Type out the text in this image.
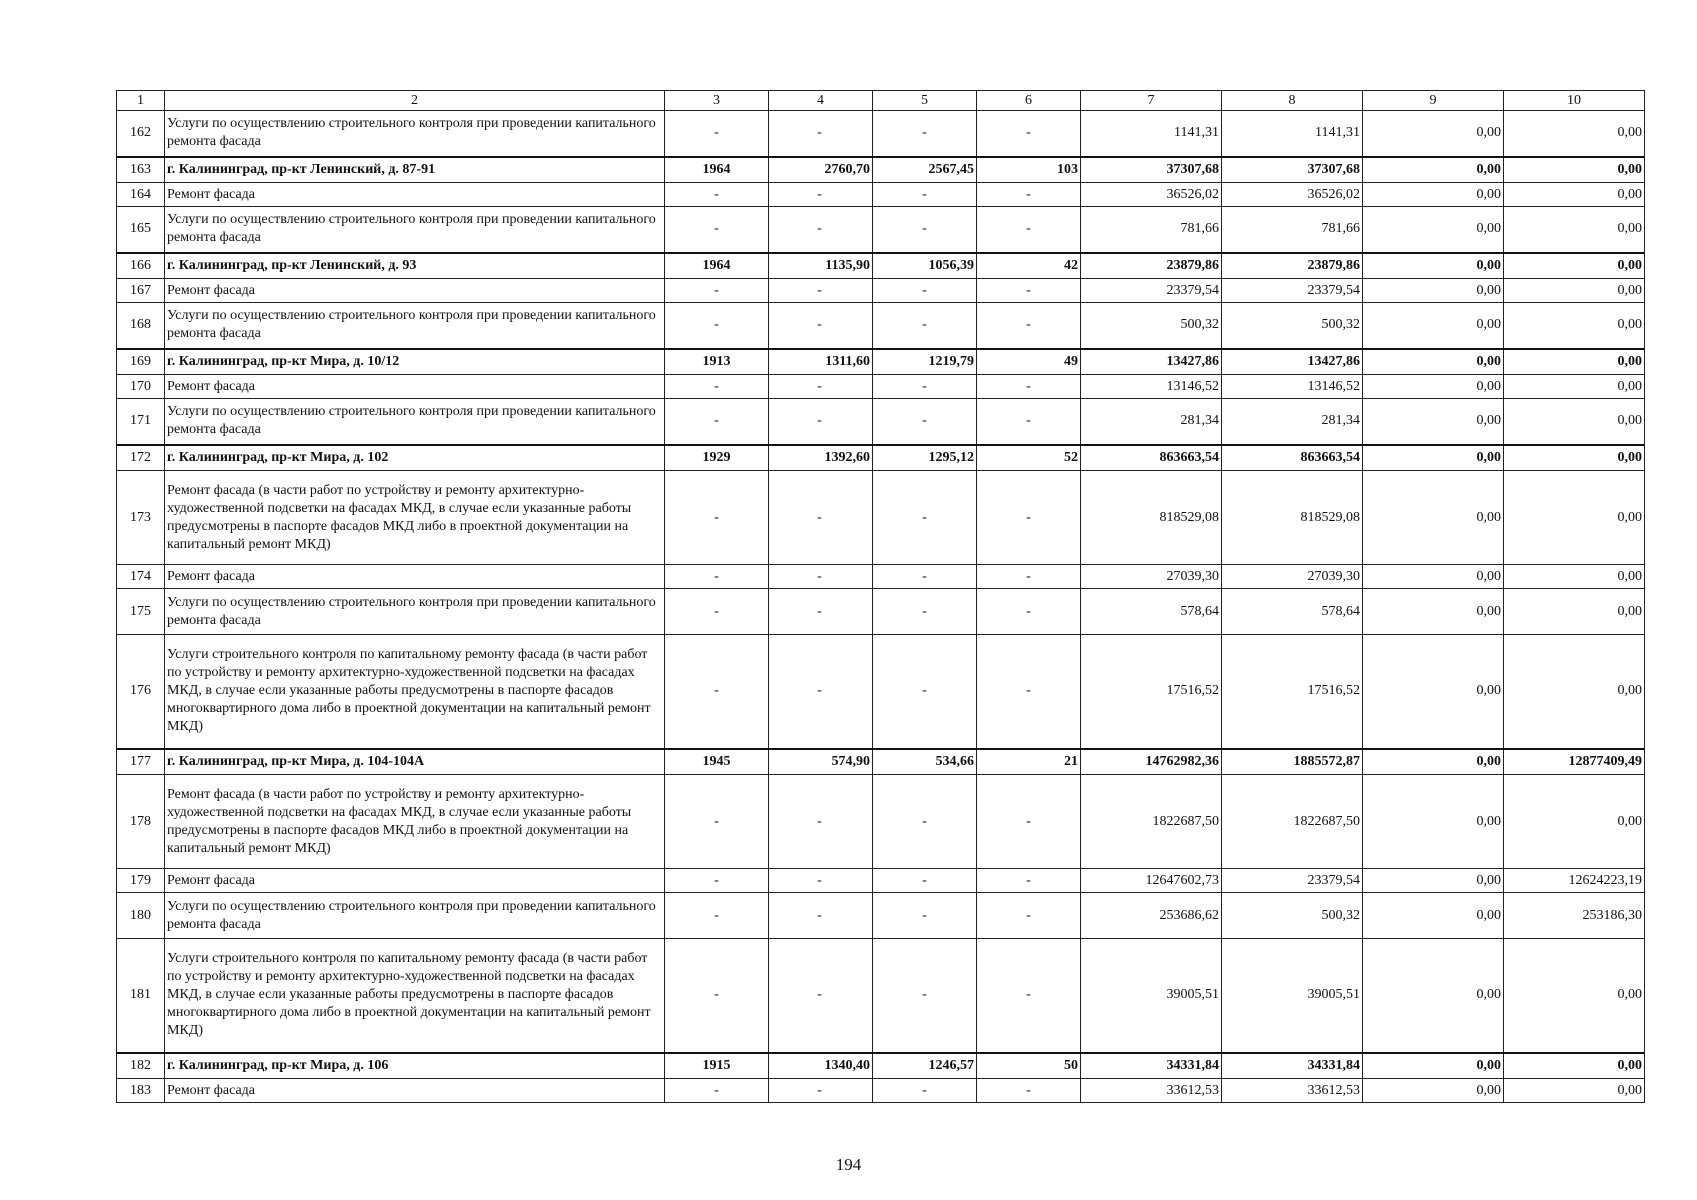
1	2	3	4	5	6	7	8	9	10
162	Услуги по осуществлению строительного контроля при проведении капитального ремонта фасада	-	-	-	-	1141,31	1141,31	0,00	0,00
163	г. Калининград, пр-кт Ленинский, д. 87-91	1964	2760,70	2567,45	103	37307,68	37307,68	0,00	0,00
164	Ремонт фасада	-	-	-	-	36526,02	36526,02	0,00	0,00
165	Услуги по осуществлению строительного контроля при проведении капитального ремонта фасада	-	-	-	-	781,66	781,66	0,00	0,00
166	г. Калининград, пр-кт Ленинский, д. 93	1964	1135,90	1056,39	42	23879,86	23879,86	0,00	0,00
167	Ремонт фасада	-	-	-	-	23379,54	23379,54	0,00	0,00
168	Услуги по осуществлению строительного контроля при проведении капитального ремонта фасада	-	-	-	-	500,32	500,32	0,00	0,00
169	г. Калининград, пр-кт Мира, д. 10/12	1913	1311,60	1219,79	49	13427,86	13427,86	0,00	0,00
170	Ремонт фасада	-	-	-	-	13146,52	13146,52	0,00	0,00
171	Услуги по осуществлению строительного контроля при проведении капитального ремонта фасада	-	-	-	-	281,34	281,34	0,00	0,00
172	г. Калининград, пр-кт Мира, д. 102	1929	1392,60	1295,12	52	863663,54	863663,54	0,00	0,00
173	Ремонт фасада (в части работ по устройству и ремонту архитектурно-художественной подсветки на фасадах МКД, в случае если указанные работы предусмотрены в паспорте фасадов МКД либо в проектной документации на капитальный ремонт МКД)	-	-	-	-	818529,08	818529,08	0,00	0,00
174	Ремонт фасада	-	-	-	-	27039,30	27039,30	0,00	0,00
175	Услуги по осуществлению строительного контроля при проведении капитального ремонта фасада	-	-	-	-	578,64	578,64	0,00	0,00
176	Услуги строительного контроля по капитальному ремонту фасада (в части работ по устройству и ремонту архитектурно-художественной подсветки на фасадах МКД, в случае если указанные работы предусмотрены в паспорте фасадов многоквартирного дома либо в проектной документации на капитальный ремонт МКД)	-	-	-	-	17516,52	17516,52	0,00	0,00
177	г. Калининград, пр-кт Мира, д. 104-104А	1945	574,90	534,66	21	14762982,36	1885572,87	0,00	12877409,49
178	Ремонт фасада (в части работ по устройству и ремонту архитектурно-художественной подсветки на фасадах МКД, в случае если указанные работы предусмотрены в паспорте фасадов МКД либо в проектной документации на капитальный ремонт МКД)	-	-	-	-	1822687,50	1822687,50	0,00	0,00
179	Ремонт фасада	-	-	-	-	12647602,73	23379,54	0,00	12624223,19
180	Услуги по осуществлению строительного контроля при проведении капитального ремонта фасада	-	-	-	-	253686,62	500,32	0,00	253186,30
181	Услуги строительного контроля по капитальному ремонту фасада (в части работ по устройству и ремонту архитектурно-художественной подсветки на фасадах МКД, в случае если указанные работы предусмотрены в паспорте фасадов многоквартирного дома либо в проектной документации на капитальный ремонт МКД)	-	-	-	-	39005,51	39005,51	0,00	0,00
182	г. Калининград, пр-кт Мира, д. 106	1915	1340,40	1246,57	50	34331,84	34331,84	0,00	0,00
183	Ремонт фасада	-	-	-	-	33612,53	33612,53	0,00	0,00
194
